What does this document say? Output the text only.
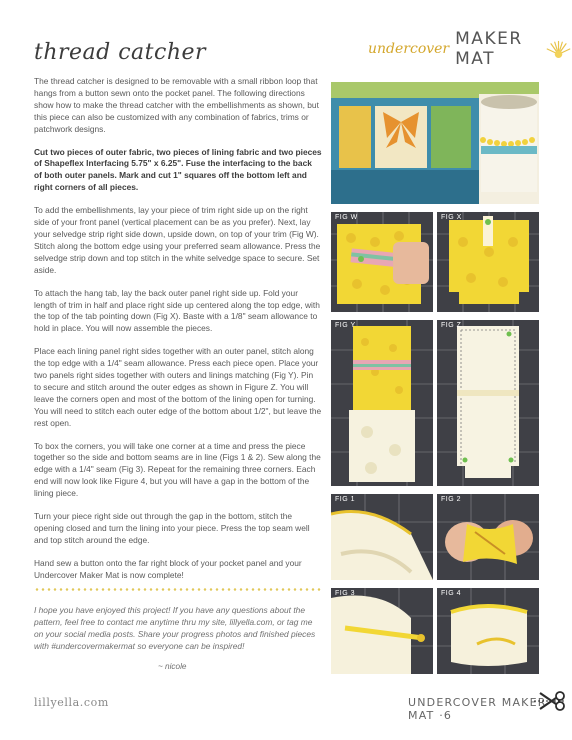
thread catcher	undercover MAKER MAT

The thread catcher is designed to be removable with a small ribbon loop that hangs from a button sewn onto the pocket panel. The following directions show how to make the thread catcher with the embellishments as shown, but this piece can also be customized with any combination of fabrics, trims or patchwork designs.

Cut two pieces of outer fabric, two pieces of lining fabric and two pieces of Shapeflex Interfacing 5.75" x 6.25". Fuse the interfacing to the back of both outer panels. Mark and cut 1" squares off the bottom left and right corners of all pieces.

To add the embellishments, lay your piece of trim right side up on the right side of your front panel (vertical placement can be as you prefer). Next, lay your selvedge strip right side down, upside down, on top of your trim (Fig W). Stitch along the bottom edge using your preferred seam allowance. Press the selvedge strip down and top stitch in the white selvedge space to secure. Set aside.

To attach the hang tab, lay the back outer panel right side up. Fold your length of trim in half and place right side up centered along the top edge, with the top of the tab pointing down (Fig X). Baste with a 1/8" seam allowance to hold in place. You will now assemble the pieces.

Place each lining panel right sides together with an outer panel, stitch along the top edge with a 1/4" seam allowance. Press each piece open. Place your two panels right sides together with outers and linings matching (Fig Y). Pin to secure and stitch around the outer edges as shown in Figure Z. You will leave the corners open and most of the bottom of the lining open for turning. You will need to stitch each outer edge of the bottom about 1/2", but leave the rest open.

To box the corners, you will take one corner at a time and press the piece together so the side and bottom seams are in line (Figs 1 & 2). Sew along the edge with a 1/4" seam (Fig 3). Repeat for the remaining three corners. Each end will now look like Figure 4, but you will have a gap in the bottom of the lining piece.

Turn your piece right side out through the gap in the bottom, stitch the opening closed and turn the lining into your piece. Press the top seam well and top stitch around the edge.

Hand sew a button onto the far right block of your pocket panel and your Undercover Maker Mat is now complete!

I hope you have enjoyed this project! If you have any questions about the pattern, feel free to contact me anytime thru my site, lillyella.com, or tag me on your social media posts. Share your progress photos and finished pieces with #undercovermakermat so everyone can be inspired!

~ nicole

FIG W	FIG X
FIG Y	FIG Z
FIG 1	FIG 2
FIG 3	FIG 4
lillyella.com	UNDERCOVER MAKER MAT ·6
